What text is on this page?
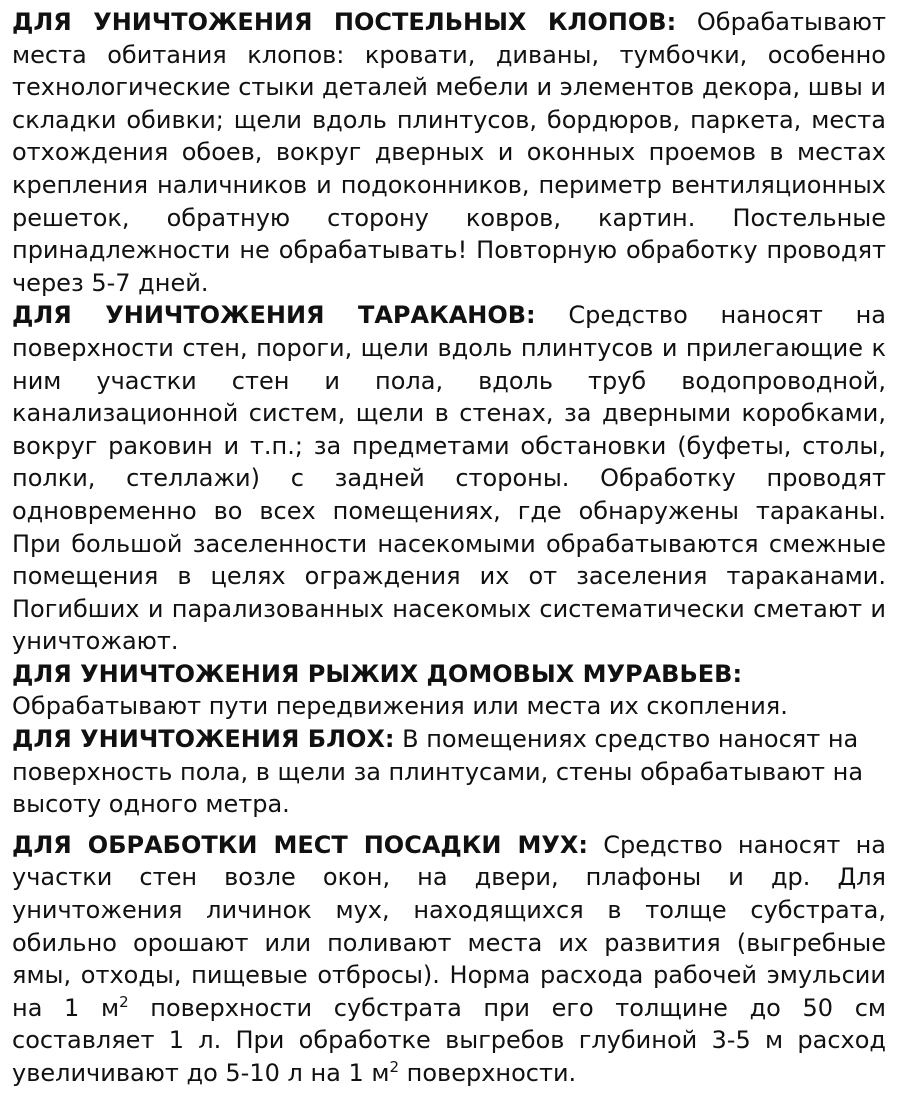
ДЛЯ УНИЧТОЖЕНИЯ ПОСТЕЛЬНЫХ КЛОПОВ: Обрабатывают места обитания клопов: кровати, диваны, тумбочки, особенно технологические стыки деталей мебели и элементов декора, швы и складки обивки; щели вдоль плинтусов, бордюров, паркета, места отхождения обоев, вокруг дверных и оконных проемов в местах крепления наличников и подоконников, периметр вентиляционных решеток, обратную сторону ковров, картин. Постельные принадлежности не обрабатывать! Повторную обработку проводят через 5-7 дней.

ДЛЯ УНИЧТОЖЕНИЯ ТАРАКАНОВ: Средство наносят на поверхности стен, пороги, щели вдоль плинтусов и прилегающие к ним участки стен и пола, вдоль труб водопроводной, канализационной систем, щели в стенах, за дверными коробками, вокруг раковин и т.п.; за предметами обстановки (буфеты, столы, полки, стеллажи) с задней стороны. Обработку проводят одновременно во всех помещениях, где обнаружены тараканы. При большой заселенности насекомыми обрабатываются смежные помещения в целях ограждения их от заселения тараканами. Погибших и парализованных насекомых систематически сметают и уничтожают.

ДЛЯ УНИЧТОЖЕНИЯ РЫЖИХ ДОМОВЫХ МУРАВЬЕВ:
Обрабатывают пути передвижения или места их скопления.

ДЛЯ УНИЧТОЖЕНИЯ БЛОХ: В помещениях средство наносят на поверхность пола, в щели за плинтусами, стены обрабатывают на высоту одного метра.

ДЛЯ ОБРАБОТКИ МЕСТ ПОСАДКИ МУХ: Средство наносят на участки стен возле окон, на двери, плафоны и др. Для уничтожения личинок мух, находящихся в толще субстрата, обильно орошают или поливают места их развития (выгребные ямы, отходы, пищевые отбросы). Норма расхода рабочей эмульсии на 1 $м^2$ поверхности субстрата при его толщине до 50 см составляет 1 л. При обработке выгребов глубиной 3-5 м расход увеличивают до 5-10 л на 1 $м^2$ поверхности.
